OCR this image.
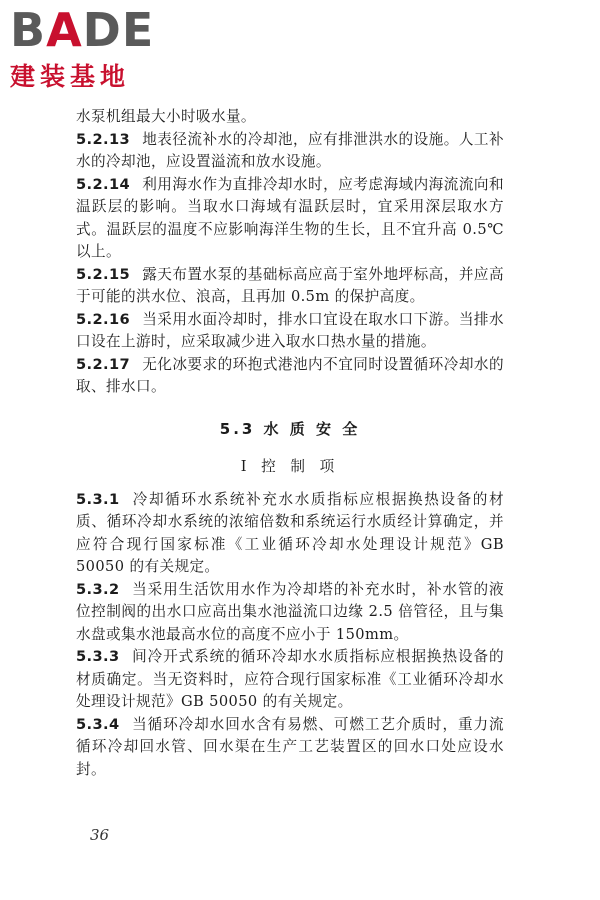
BADE
建装基地

水泵机组最大小时吸水量。

5.2.13 地表径流补水的冷却池，应有排泄洪水的设施。人工补水的冷却池，应设置溢流和放水设施。

5.2.14 利用海水作为直排冷却水时，应考虑海域内海流流向和温跃层的影响。当取水口海域有温跃层时，宜采用深层取水方式。温跃层的温度不应影响海洋生物的生长，且不宜升高 0.5℃以上。

5.2.15 露天布置水泵的基础标高应高于室外地坪标高，并应高于可能的洪水位、浪高，且再加 0.5m 的保护高度。

5.2.16 当采用水面冷却时，排水口宜设在取水口下游。当排水口设在上游时，应采取减少进入取水口热水量的措施。

5.2.17 无化冰要求的环抱式港池内不宜同时设置循环冷却水的取、排水口。

5.3 水 质 安 全
Ⅰ 控 制 项

5.3.1 冷却循环水系统补充水水质指标应根据换热设备的材质、循环冷却水系统的浓缩倍数和系统运行水质经计算确定，并应符合现行国家标准《工业循环冷却水处理设计规范》GB 50050 的有关规定。

5.3.2 当采用生活饮用水作为冷却塔的补充水时，补水管的液位控制阀的出水口应高出集水池溢流口边缘 2.5 倍管径，且与集水盘或集水池最高水位的高度不应小于 150mm。

5.3.3 间冷开式系统的循环冷却水水质指标应根据换热设备的材质确定。当无资料时，应符合现行国家标准《工业循环冷却水处理设计规范》GB 50050 的有关规定。

5.3.4 当循环冷却水回水含有易燃、可燃工艺介质时，重力流循环冷却回水管、回水渠在生产工艺装置区的回水口处应设水封。

36
